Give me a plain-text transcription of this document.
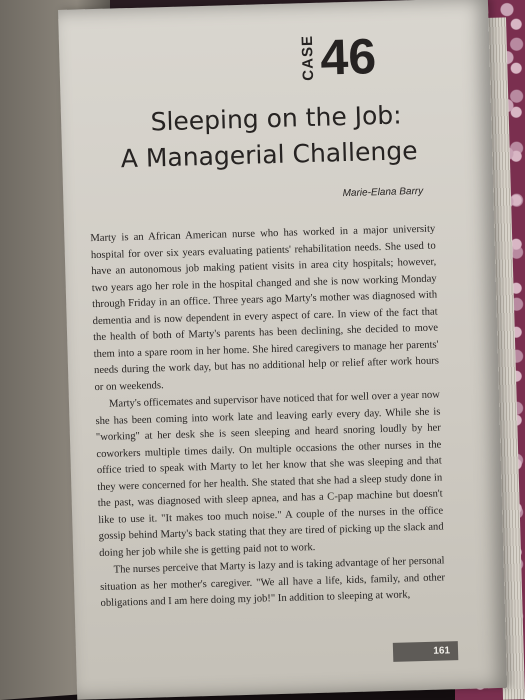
CASE 46
Sleeping on the Job:
A Managerial Challenge
Marie-Elana Barry

Marty is an African American nurse who has worked in a major university hospital for over six years evaluating patients' rehabilitation needs. She used to have an autonomous job making patient visits in area city hospitals; however, two years ago her role in the hospital changed and she is now working Monday through Friday in an office. Three years ago Marty's mother was diagnosed with dementia and is now dependent in every aspect of care. In view of the fact that the health of both of Marty's parents has been declining, she decided to move them into a spare room in her home. She hired caregivers to manage her parents' needs during the work day, but has no additional help or relief after work hours or on weekends.

Marty's officemates and supervisor have noticed that for well over a year now she has been coming into work late and leaving early every day. While she is "working" at her desk she is seen sleeping and heard snoring loudly by her coworkers multiple times daily. On multiple occasions the other nurses in the office tried to speak with Marty to let her know that she was sleeping and that they were concerned for her health. She stated that she had a sleep study done in the past, was diagnosed with sleep apnea, and has a C-pap machine but doesn't like to use it. "It makes too much noise." A couple of the nurses in the office gossip behind Marty's back stating that they are tired of picking up the slack and doing her job while she is getting paid not to work.

The nurses perceive that Marty is lazy and is taking advantage of her personal situation as her mother's caregiver. "We all have a life, kids, family, and other obligations and I am here doing my job!" In addition to sleeping at work,

161
